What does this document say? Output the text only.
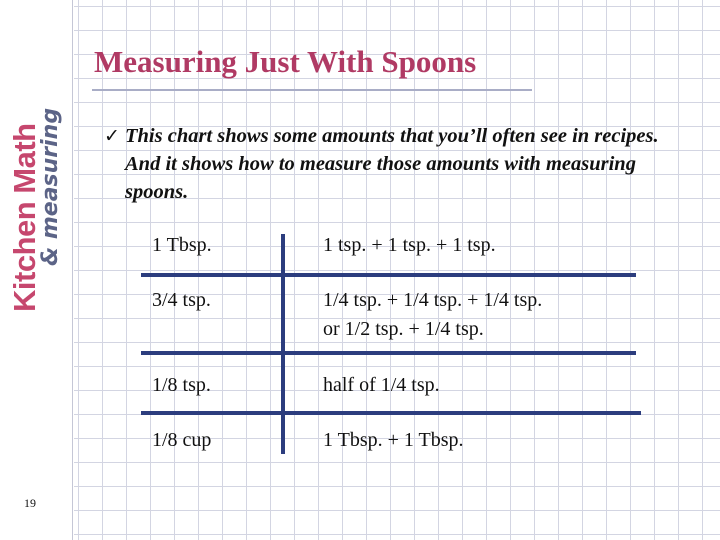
Kitchen Math
& measuring
Measuring Just With Spoons
✓ This chart shows some amounts that you’ll often see in recipes. And it shows how to measure those amounts with measuring spoons.
1 Tbsp.	1 tsp. + 1 tsp. + 1 tsp.
3/4 tsp.	1/4 tsp. + 1/4 tsp. + 1/4 tsp.
or 1/2 tsp. + 1/4 tsp.
1/8 tsp.	half of 1/4 tsp.
1/8 cup	1 Tbsp. + 1 Tbsp.
19
